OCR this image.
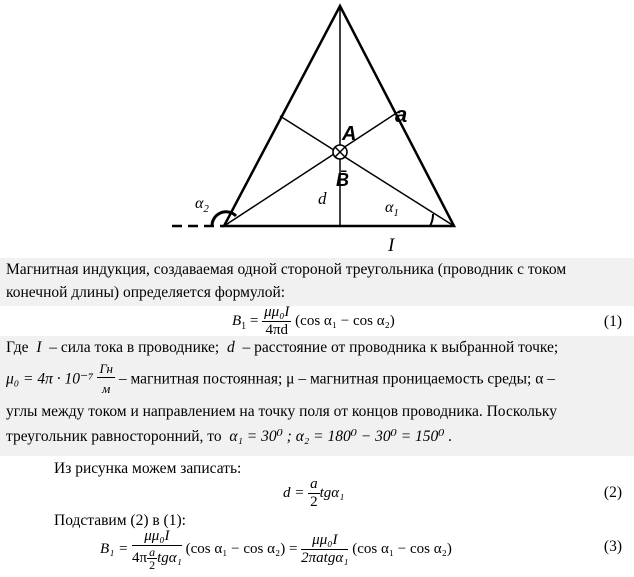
a
A
B̄
d
$\alpha_2$	$\alpha_1$
I
Магнитная индукция, создаваемая одной стороной треугольника (проводник с током
конечной длины) определяется формулой:
$B_1 = \frac{\text{μμ₀I}}{4\pi d} (\cos$ α₁ − cos α₂)	(1)
Где I – сила тока в проводнике; d – расстояние от проводника к выбранной точке;
$\mu_0 = 4\pi \cdot 10^{-7} \frac{Гн}{м}$ – магнитная постоянная; μ – магнитная проницаемость среды; α –
углы между током и направлением на точку поля от концов проводника. Поскольку
треугольник равносторонний, то α₁ = 30⁰ ; α₂ = 180⁰ − 30⁰ = 150⁰ .
Из рисунка можем записать:
$d = \frac{a}{2} tg\alpha_1$	(2)
Подставим (2) в (1):
$B_1 = \frac{\text{μμ₀I}}{4\pi \frac{a}{2} tg\alpha_1} (\cos$ $\alpha_1 - \cos \alpha_2) = \frac{\text{μμ₀I}}{\text{2πatgα₁}} (\cos$ α₁ − cos α₂)	(3)
